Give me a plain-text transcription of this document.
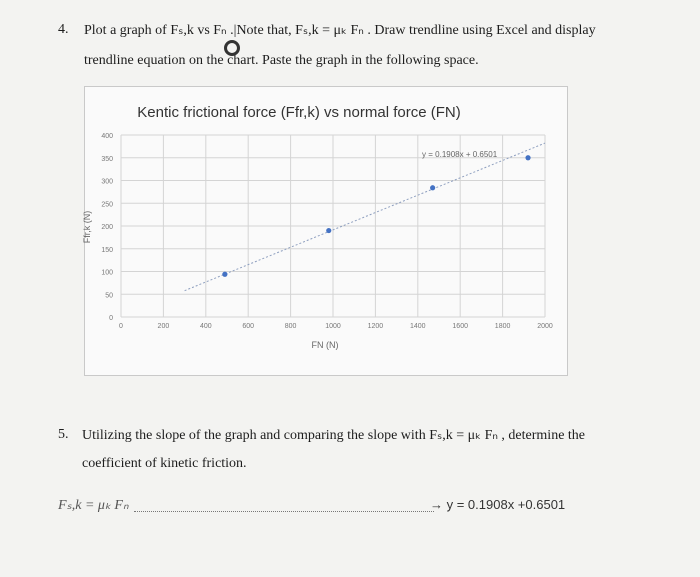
4. Plot a graph of Fₛ,k vs Fₙ .|Note that, Fₛ,k = μₖ Fₙ . Draw trendline using Excel and display
trendline equation on the chart. Paste the graph in the following space.
Kentic frictional force (Ffr,k) vs normal force (FN)
FN (N)
Ffr,k (N)
0
50
100
150
200
250
300
350
400
0	200	400	600	800	1000	1200	1400	1600	1800	2000
y = 0.1908x + 0.6501
5. Utilizing the slope of the graph and comparing the slope with Fₛ,k = μₖ Fₙ , determine the
coefficient of kinetic friction.
Fₛ,k = μₖ Fₙ	→ y = 0.1908x +0.6501
